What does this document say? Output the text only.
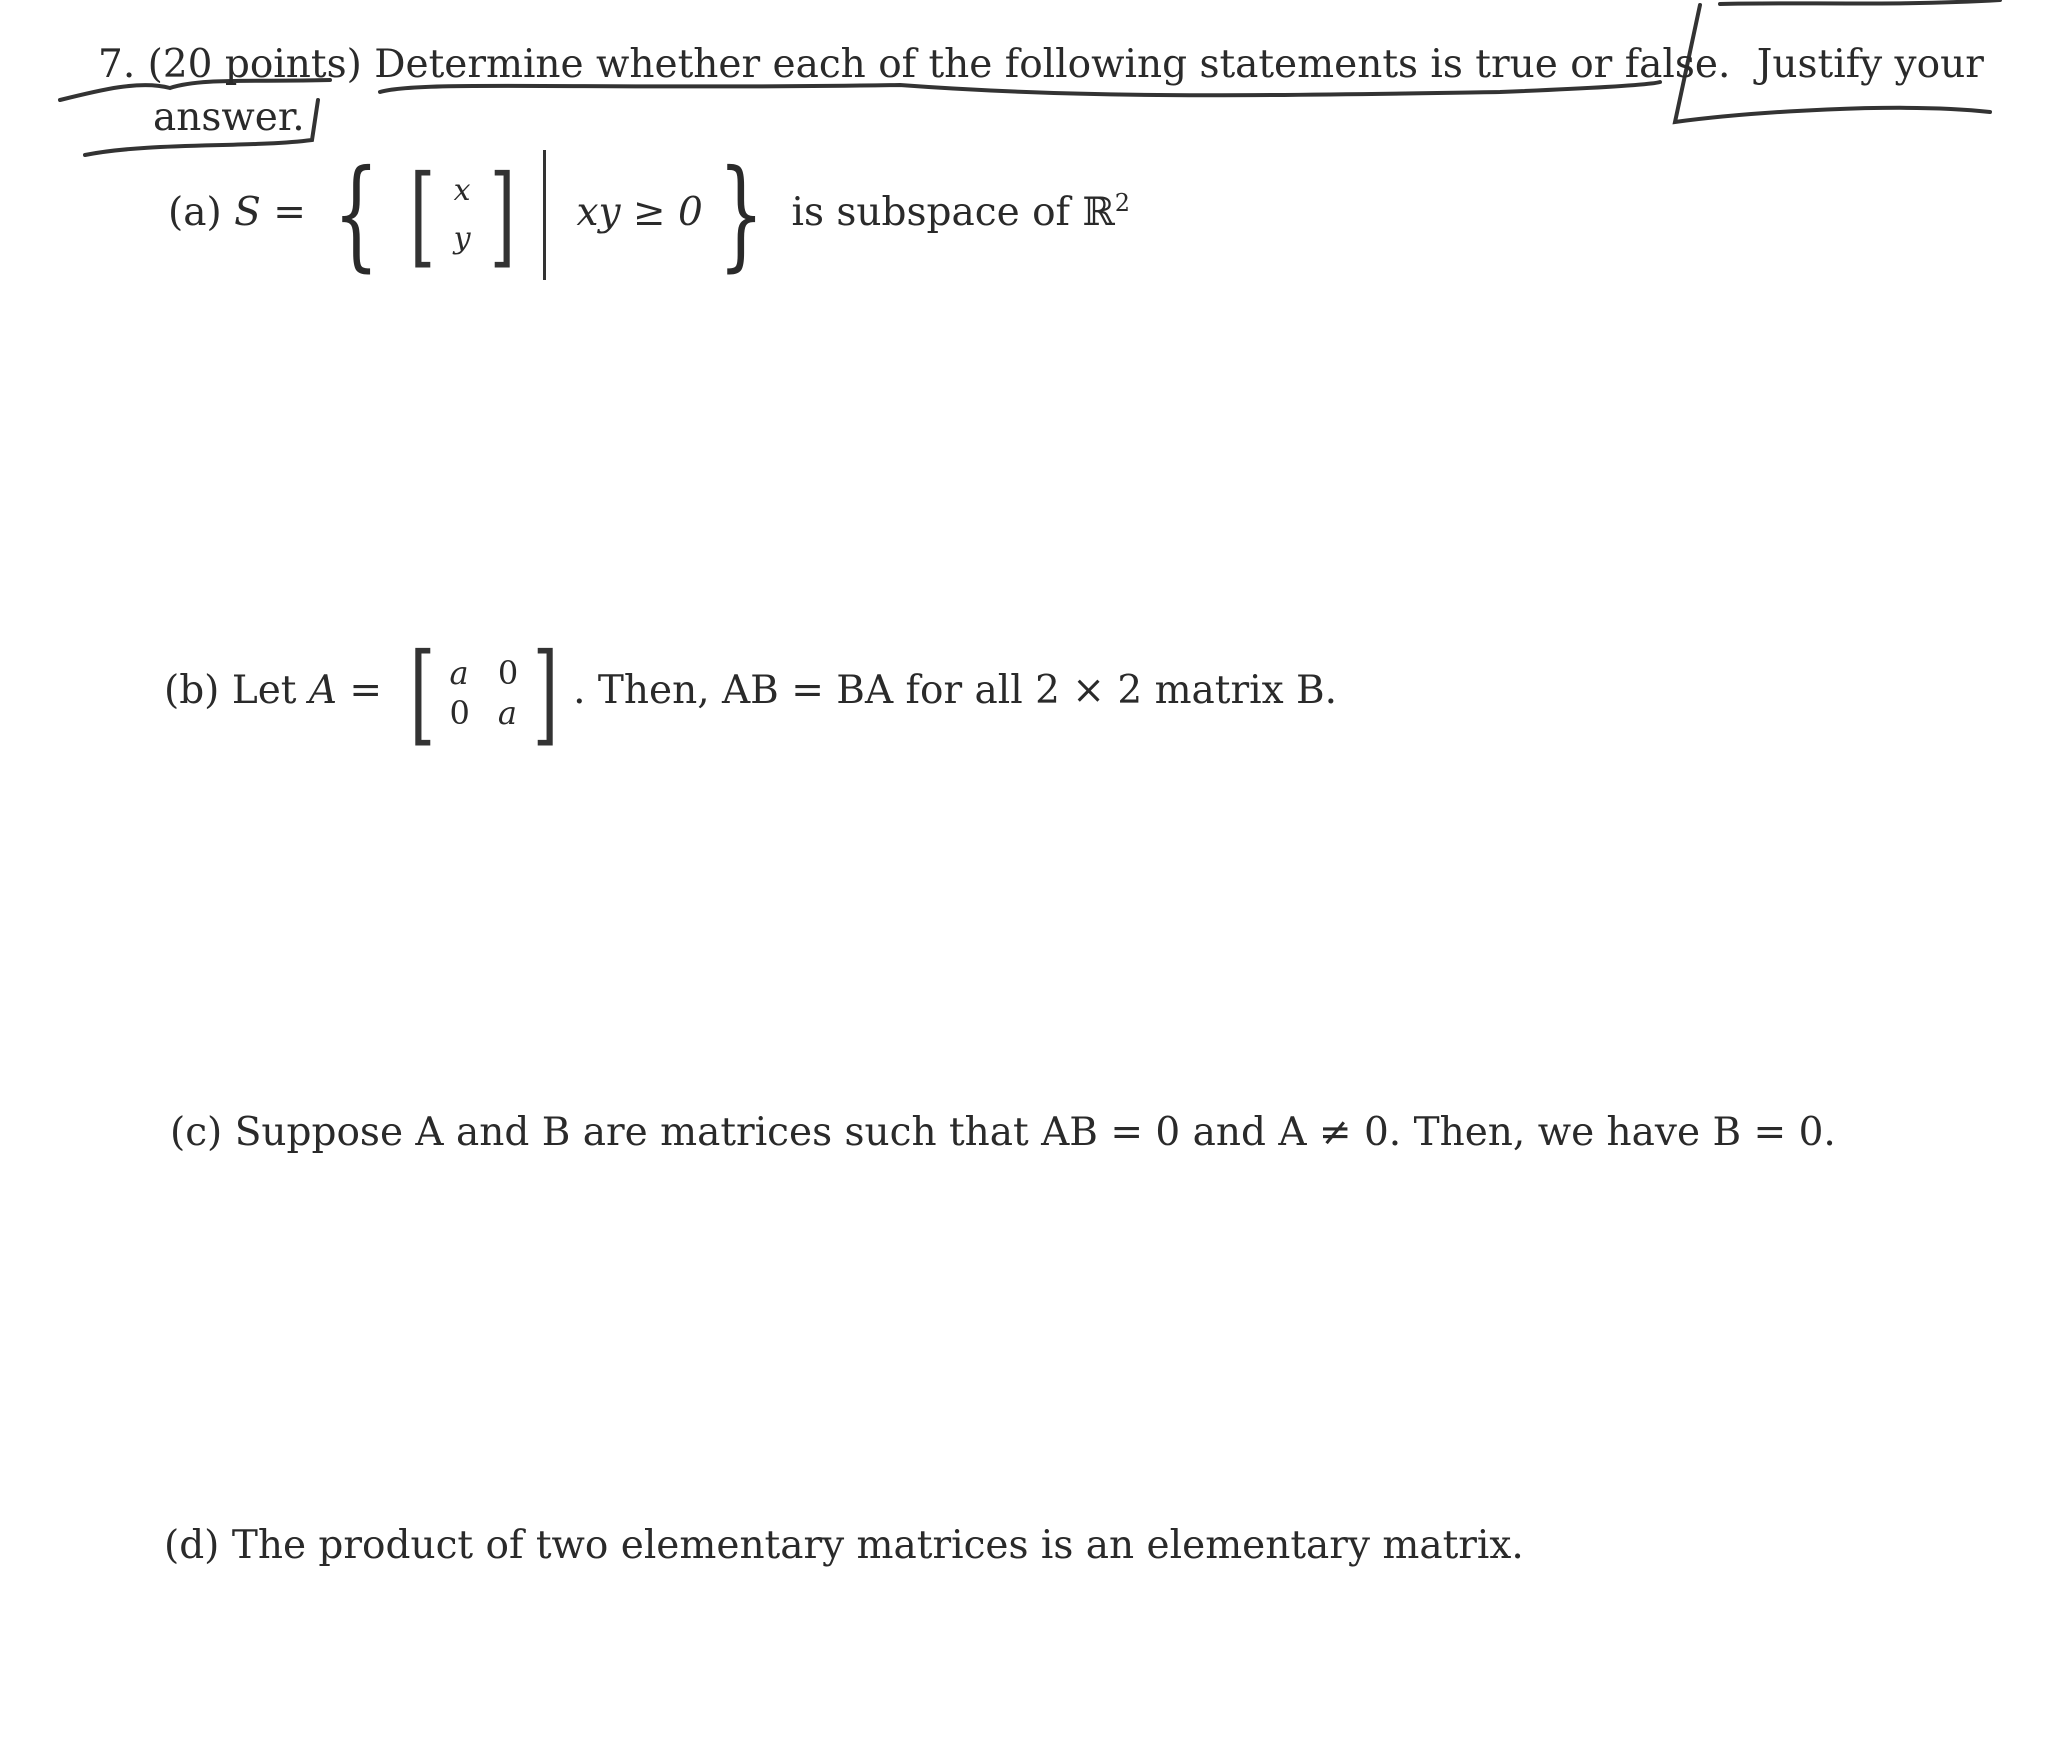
7. (20 points) Determine whether each of the following statements is true or false. Justify your
answer.
(a) S = { [ x
y ] xy ≥ 0 } is subspace of ℝ$^2$
(b) Let A = [ a 0
0 a ] . Then, AB = BA for all 2 × 2 matrix B.
(c) Suppose A and B are matrices such that AB = 0 and A ≠ 0. Then, we have B = 0.
(d) The product of two elementary matrices is an elementary matrix.
